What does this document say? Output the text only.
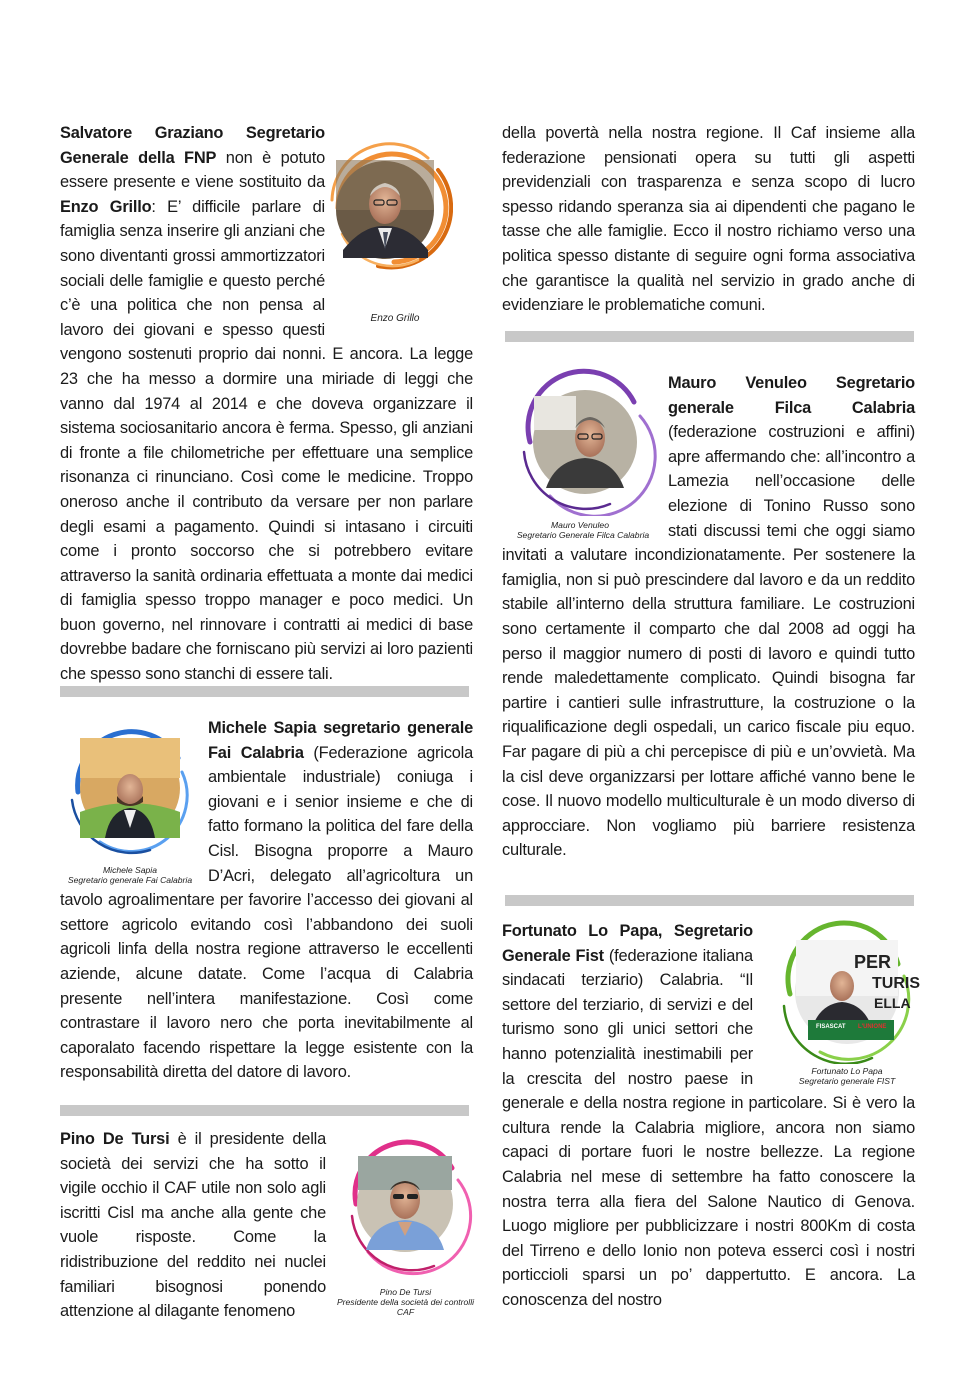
Salvatore Graziano Segretario Generale della FNP non è potuto essere presente e viene sostituito da Enzo Grillo: E’ difficile parlare di famiglia senza inserire gli anziani che sono diventanti grossi ammortizzatori sociali delle famiglie e questo perché c’è una politica che non pensa al lavoro dei giovani e spesso questi vengono sostenuti proprio dai nonni. E ancora. La legge 23 che ha messo a dormire una miriade di leggi che vanno dal 1974 al 2014 e che doveva organizzare il sistema sociosanitario ancora è ferma. Spesso, gli anziani di fronte a file chilometriche per effettuare una semplice risonanza ci rinunciano. Così come le medicine. Troppo oneroso anche il contributo da versare per non parlare degli esami a pagamento. Quindi si intasano i circuiti come i pronto soccorso che si potrebbero evitare attraverso la sanità ordinaria effettuata a monte dai medici di famiglia spesso troppo manager e poco medici. Un buon governo, nel rinnovare i contratti ai medici di base dovrebbe badare che forniscano più servizi ai loro pazienti che spesso sono stanchi di essere tali.

Enzo Grillo

Michele Sapia segretario generale Fai Calabria (Federazione agricola ambientale industriale) coniuga i giovani e i senior insieme e che di fatto formano la politica del fare della Cisl. Bisogna proporre a Mauro D’Acri, delegato all’agricoltura un tavolo agroalimentare per favorire l’accesso dei giovani al settore agricolo evitando così l’abbandono dei suoli agricoli linfa della nostra regione attraverso le eccellenti aziende, alcune datate. Come l’acqua di Calabria presente nell’intera manifestazione. Così come contrastare il lavoro nero che porta inevitabilmente al caporalato facendo rispettare la legge esistente con la responsabilità diretta del datore di lavoro.

Michele Sapia
Segretario generale Fai Calabria

Pino De Tursi è il presidente della società dei servizi che ha sotto il vigile occhio il CAF utile non solo agli iscritti Cisl ma anche alla gente che vuole risposte. Come la ridistribuzione del reddito nei nuclei familiari bisognosi ponendo attenzione al dilagante fenomeno

Pino De Tursi
Presidente della società dei controlli
CAF

della povertà nella nostra regione. Il Caf insieme alla federazione pensionati opera su tutti gli aspetti previdenziali con trasparenza e senza scopo di lucro spesso ridando speranza sia ai dipendenti che pagano le tasse che alle famiglie. Ecco il nostro richiamo verso una politica spesso distante di seguire ogni forma associativa che garantisce la qualità nel servizio in grado anche di evidenziare le problematiche comuni.

Mauro Venuleo Segretario generale Filca Calabria (federazione costruzioni e affini) apre affermando che: all’incontro a Lamezia nell’occasione delle elezione di Tonino Russo sono stati discussi temi che oggi siamo invitati a valutare incondizionatamente. Per sostenere la famiglia, non si può prescindere dal lavoro e da un reddito stabile all’interno della struttura familiare. Le costruzioni sono certamente il comparto che dal 2008 ad oggi ha perso il maggior numero di posti di lavoro e quindi tutto rende maledettamente complicato. Quindi bisogna far partire i cantieri sulle infrastrutture, la costruzione o la riqualificazione degli ospedali, un carico fiscale piu equo. Far pagare di più a chi percepisce di più e un’ovvietà. Ma la cisl deve organizzarsi per lottare affiché vanno bene le cose. Il nuovo modello multiculturale è un modo diverso di approcciare. Non vogliamo più barriere resistenza culturale.

Mauro Venuleo
Segretario Generale Filca Calabria

Fortunato Lo Papa, Segretario Generale Fist (federazione italiana sindacati terziario) Calabria. “Il settore del terziario, di servizi e del turismo sono gli unici settori che hanno potenzialità inestimabili per la crescita del nostro paese in generale e della nostra regione in particolare. Si è vero la cultura rende la Calabria migliore, ancora non siamo capaci di portare fuori le nostre bellezze. La regione Calabria nel mese di settembre ha fatto conoscere la nostra terra alla fiera del Salone Nautico di Genova. Luogo migliore per pubblicizzare i nostri 800Km di costa del Tirreno e dello Ionio non poteva esserci così i nostri porticcioli sparsi un po’ dappertutto. E ancora. La conoscenza del nostro

PER
TURIS
ELLA
FISASCAT L'UNIONE
Fortunato Lo Papa
Segretario generale FIST
